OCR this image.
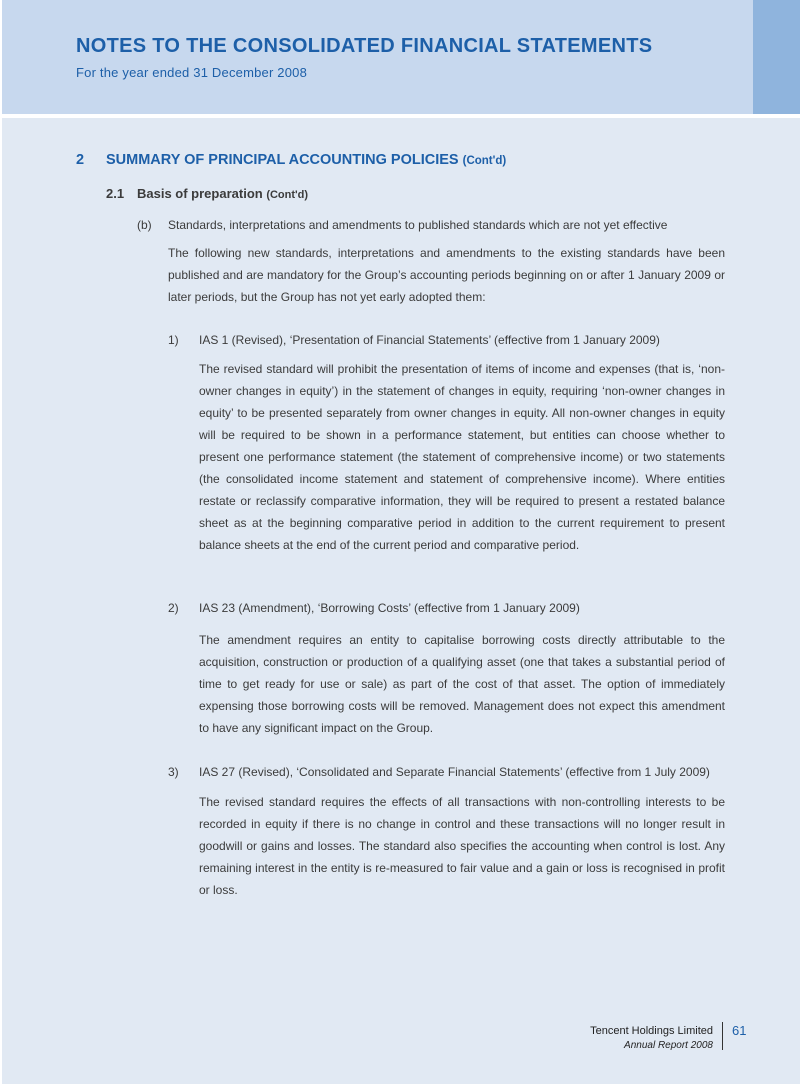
NOTES TO THE CONSOLIDATED FINANCIAL STATEMENTS
For the year ended 31 December 2008
2 SUMMARY OF PRINCIPAL ACCOUNTING POLICIES (Cont'd)
2.1 Basis of preparation (Cont'd)
(b) Standards, interpretations and amendments to published standards which are not yet effective
The following new standards, interpretations and amendments to the existing standards have been published and are mandatory for the Group’s accounting periods beginning on or after 1 January 2009 or later periods, but the Group has not yet early adopted them:
1) IAS 1 (Revised), ‘Presentation of Financial Statements’ (effective from 1 January 2009)
The revised standard will prohibit the presentation of items of income and expenses (that is, ‘non-owner changes in equity’) in the statement of changes in equity, requiring ‘non-owner changes in equity’ to be presented separately from owner changes in equity. All non-owner changes in equity will be required to be shown in a performance statement, but entities can choose whether to present one performance statement (the statement of comprehensive income) or two statements (the consolidated income statement and statement of comprehensive income). Where entities restate or reclassify comparative information, they will be required to present a restated balance sheet as at the beginning comparative period in addition to the current requirement to present balance sheets at the end of the current period and comparative period.
2) IAS 23 (Amendment), ‘Borrowing Costs’ (effective from 1 January 2009)
The amendment requires an entity to capitalise borrowing costs directly attributable to the acquisition, construction or production of a qualifying asset (one that takes a substantial period of time to get ready for use or sale) as part of the cost of that asset. The option of immediately expensing those borrowing costs will be removed. Management does not expect this amendment to have any significant impact on the Group.
3) IAS 27 (Revised), ‘Consolidated and Separate Financial Statements’ (effective from 1 July 2009)
The revised standard requires the effects of all transactions with non-controlling interests to be recorded in equity if there is no change in control and these transactions will no longer result in goodwill or gains and losses. The standard also specifies the accounting when control is lost. Any remaining interest in the entity is re-measured to fair value and a gain or loss is recognised in profit or loss.
Tencent Holdings Limited
Annual Report 2008
61
